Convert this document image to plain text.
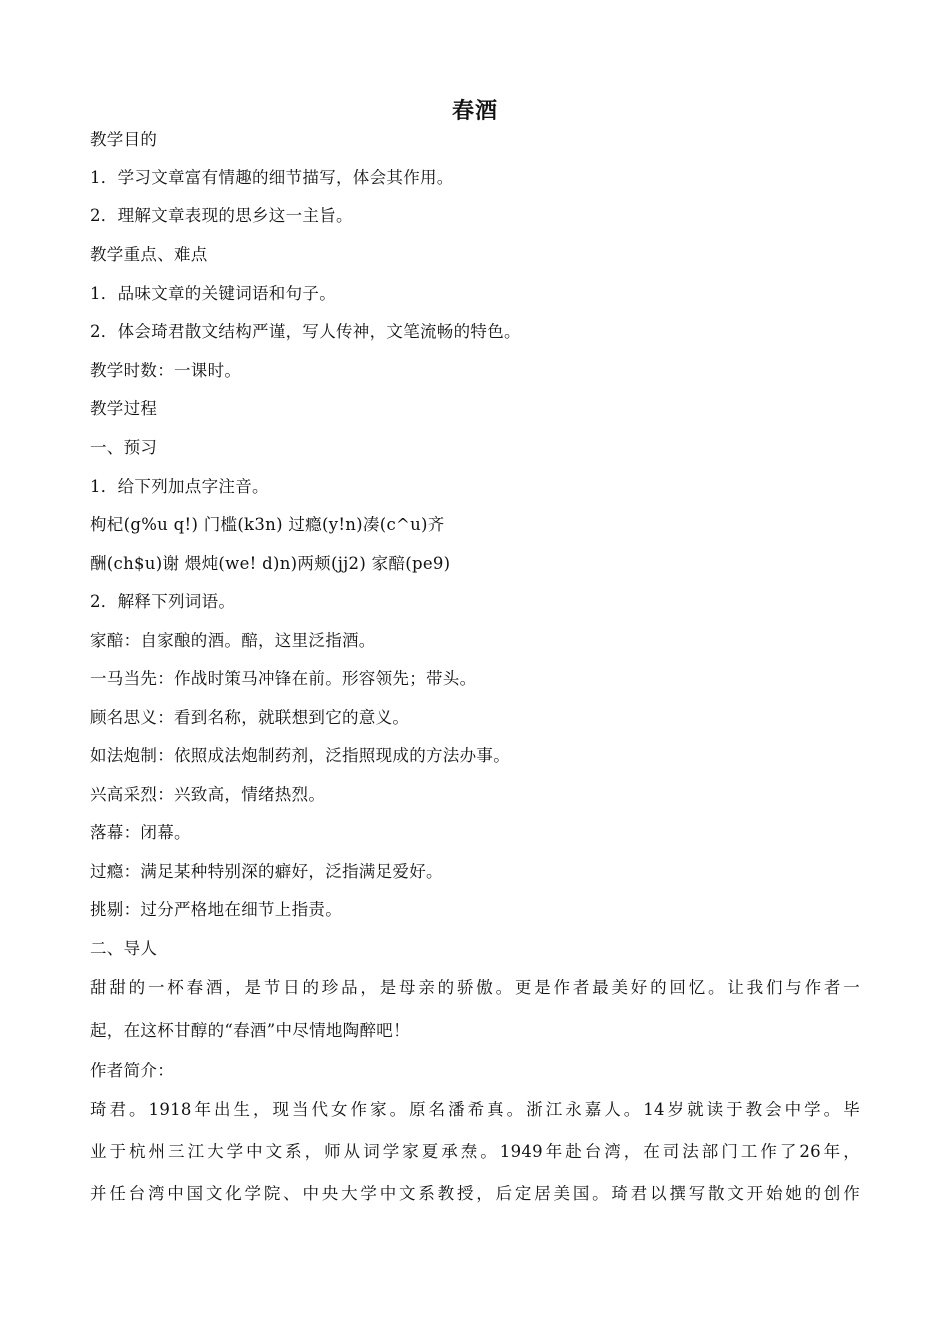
春酒
教学目的
1．学习文章富有情趣的细节描写，体会其作用。
2．理解文章表现的思乡这一主旨。
教学重点、难点
1．品味文章的关键词语和句子。
2．体会琦君散文结构严谨，写人传神，文笔流畅的特色。
教学时数：一课时。
教学过程
一、预习
1．给下列加点字注音。
枸杞(g%u q!) 门槛(k3n) 过瘾(y!n)凑(c^u)齐
酬(ch$u)谢 煨炖(we! d)n)两颊(jj2) 家醅(pe9)
2．解释下列词语。
家醅：自家酿的酒。醅，这里泛指酒。
一马当先：作战时策马冲锋在前。形容领先；带头。
顾名思义：看到名称，就联想到它的意义。
如法炮制：依照成法炮制药剂，泛指照现成的方法办事。
兴高采烈：兴致高，情绪热烈。
落幕：闭幕。
过瘾：满足某种特别深的癖好，泛指满足爱好。
挑剔：过分严格地在细节上指责。
二、导人
甜甜的一杯春酒，是节日的珍品，是母亲的骄傲。更是作者最美好的回忆。让我们与作者一
起，在这杯甘醇的“春酒”中尽情地陶醉吧！
作者简介：
琦君。1918年出生，现当代女作家。原名潘希真。浙江永嘉人。14岁就读于教会中学。毕
业于杭州三江大学中文系，师从词学家夏承焘。1949年赴台湾，在司法部门工作了26年，
并任台湾中国文化学院、中央大学中文系教授，后定居美国。琦君以撰写散文开始她的创作
